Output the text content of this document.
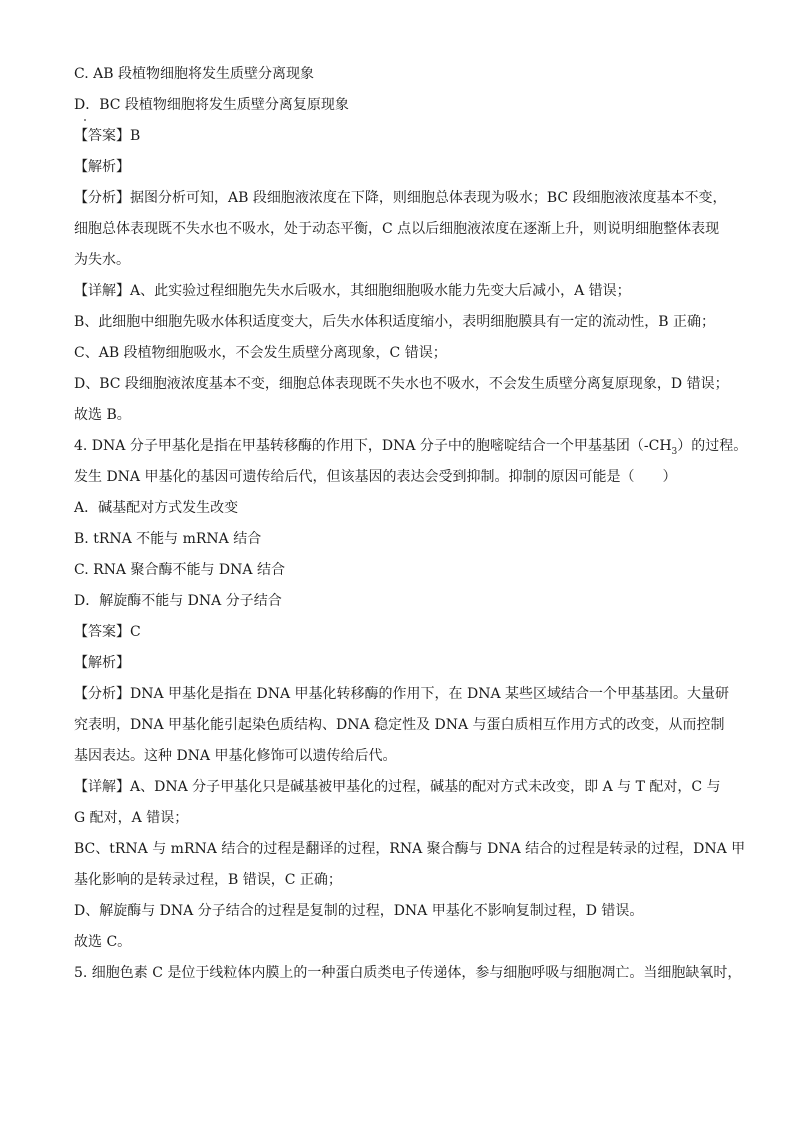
C. AB 段植物细胞将发生质壁分离现象
D．BC 段植物细胞将发生质壁分离复原现象
【答案】B
【解析】
【分析】据图分析可知，AB 段细胞液浓度在下降，则细胞总体表现为吸水；BC 段细胞液浓度基本不变，
细胞总体表现既不失水也不吸水，处于动态平衡，C 点以后细胞液浓度在逐渐上升，则说明细胞整体表现
为失水。
【详解】A、此实验过程细胞先失水后吸水，其细胞细胞吸水能力先变大后减小，A 错误；
B、此细胞中细胞先吸水体积适度变大，后失水体积适度缩小，表明细胞膜具有一定的流动性，B 正确；
C、AB 段植物细胞吸水，不会发生质壁分离现象，C 错误；
D、BC 段细胞液浓度基本不变，细胞总体表现既不失水也不吸水，不会发生质壁分离复原现象，D 错误；
故选 B。
4. DNA 分子甲基化是指在甲基转移酶的作用下，DNA 分子中的胞嘧啶结合一个甲基基团$(-CH_3)$的过程。
发生 DNA 甲基化的基因可遗传给后代，但该基因的表达会受到抑制。抑制的原因可能是（　　）
A．碱基配对方式发生改变
B. tRNA 不能与 mRNA 结合
C. RNA 聚合酶不能与 DNA 结合
D．解旋酶不能与 DNA 分子结合
【答案】C
【解析】
【分析】DNA 甲基化是指在 DNA 甲基化转移酶的作用下，在 DNA 某些区域结合一个甲基基团。大量研
究表明，DNA 甲基化能引起染色质结构、DNA 稳定性及 DNA 与蛋白质相互作用方式的改变，从而控制
基因表达。这种 DNA 甲基化修饰可以遗传给后代。
【详解】A、DNA 分子甲基化只是碱基被甲基化的过程，碱基的配对方式未改变，即 A 与 T 配对，C 与
G 配对，A 错误；
BC、tRNA 与 mRNA 结合的过程是翻译的过程，RNA 聚合酶与 DNA 结合的过程是转录的过程，DNA 甲
基化影响的是转录过程，B 错误，C 正确；
D、解旋酶与 DNA 分子结合的过程是复制的过程，DNA 甲基化不影响复制过程，D 错误。
故选 C。
5. 细胞色素 C 是位于线粒体内膜上的一种蛋白质类电子传递体，参与细胞呼吸与细胞凋亡。当细胞缺氧时，
